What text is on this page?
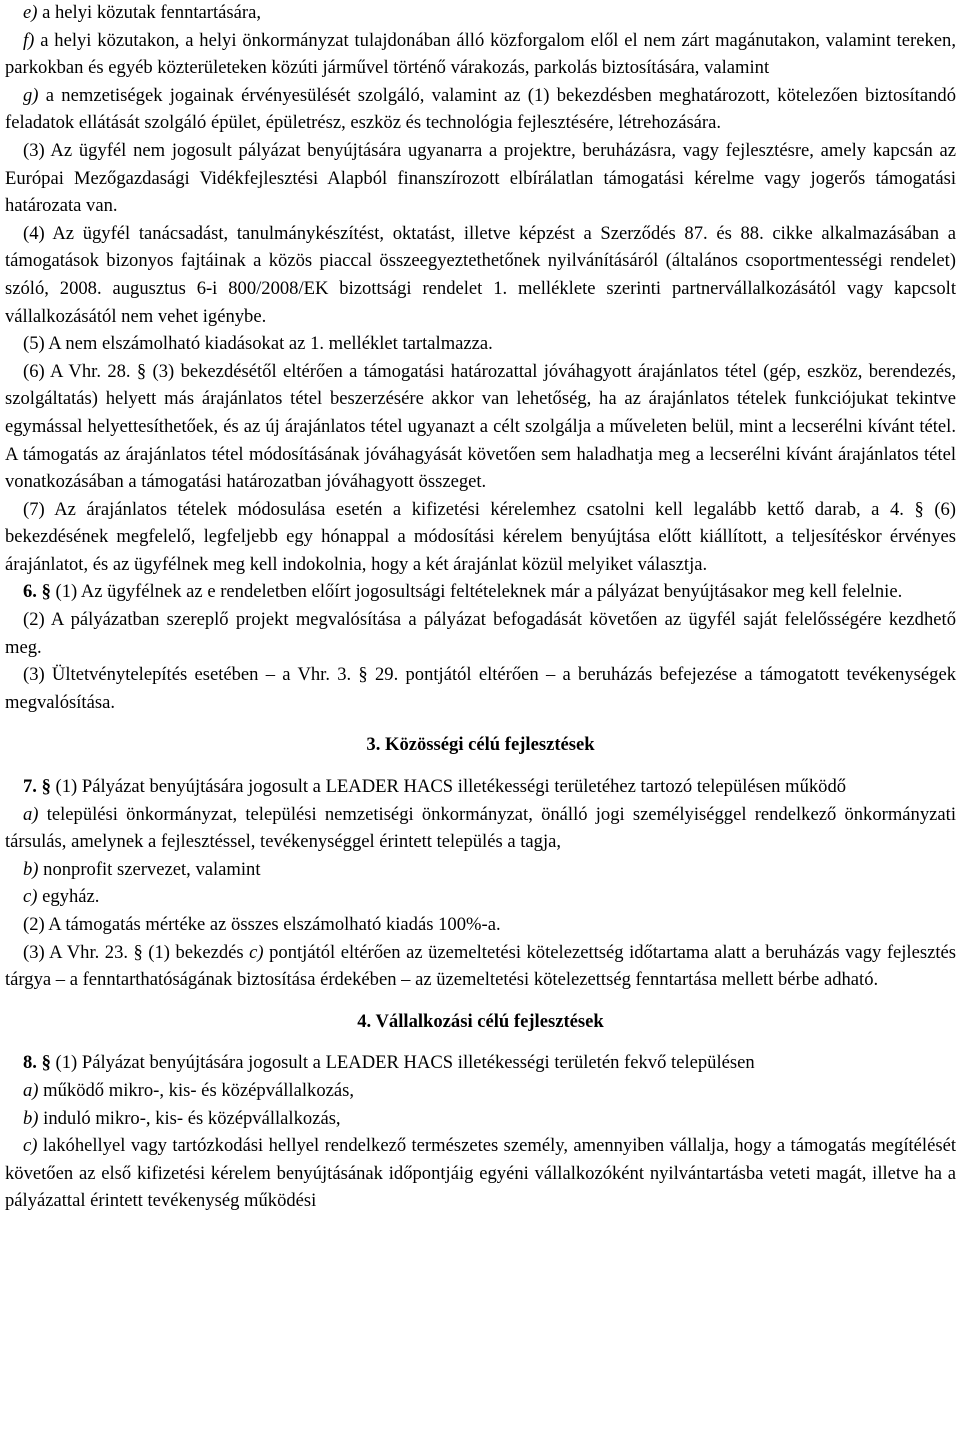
e) a helyi közutak fenntartására,

f) a helyi közutakon, a helyi önkormányzat tulajdonában álló közforgalom elől el nem zárt magánutakon, valamint tereken, parkokban és egyéb közterületeken közúti járművel történő várakozás, parkolás biztosítására, valamint

g) a nemzetiségek jogainak érvényesülését szolgáló, valamint az (1) bekezdésben meghatározott, kötelezően biztosítandó feladatok ellátását szolgáló épület, épületrész, eszköz és technológia fejlesztésére, létrehozására.

(3) Az ügyfél nem jogosult pályázat benyújtására ugyanarra a projektre, beruházásra, vagy fejlesztésre, amely kapcsán az Európai Mezőgazdasági Vidékfejlesztési Alapból finanszírozott elbírálatlan támogatási kérelme vagy jogerős támogatási határozata van.

(4) Az ügyfél tanácsadást, tanulmánykészítést, oktatást, illetve képzést a Szerződés 87. és 88. cikke alkalmazásában a támogatások bizonyos fajtáinak a közös piaccal összeegyeztethetőnek nyilvánításáról (általános csoportmentességi rendelet) szóló, 2008. augusztus 6-i 800/2008/EK bizottsági rendelet 1. melléklete szerinti partnervállalkozásától vagy kapcsolt vállalkozásától nem vehet igénybe.

(5) A nem elszámolható kiadásokat az 1. melléklet tartalmazza.

(6) A Vhr. 28. § (3) bekezdésétől eltérően a támogatási határozattal jóváhagyott árajánlatos tétel (gép, eszköz, berendezés, szolgáltatás) helyett más árajánlatos tétel beszerzésére akkor van lehetőség, ha az árajánlatos tételek funkciójukat tekintve egymással helyettesíthetőek, és az új árajánlatos tétel ugyanazt a célt szolgálja a műveleten belül, mint a lecserélni kívánt tétel. A támogatás az árajánlatos tétel módosításának jóváhagyását követően sem haladhatja meg a lecserélni kívánt árajánlatos tétel vonatkozásában a támogatási határozatban jóváhagyott összeget.

(7) Az árajánlatos tételek módosulása esetén a kifizetési kérelemhez csatolni kell legalább kettő darab, a 4. § (6) bekezdésének megfelelő, legfeljebb egy hónappal a módosítási kérelem benyújtása előtt kiállított, a teljesítéskor érvényes árajánlatot, és az ügyfélnek meg kell indokolnia, hogy a két árajánlat közül melyiket választja.

6. § (1) Az ügyfélnek az e rendeletben előírt jogosultsági feltételeknek már a pályázat benyújtásakor meg kell felelnie.

(2) A pályázatban szereplő projekt megvalósítása a pályázat befogadását követően az ügyfél saját felelősségére kezdhető meg.

(3) Ültetvénytelepítés esetében – a Vhr. 3. § 29. pontjától eltérően – a beruházás befejezése a támogatott tevékenységek megvalósítása.

3. Közösségi célú fejlesztések

7. § (1) Pályázat benyújtására jogosult a LEADER HACS illetékességi területéhez tartozó településen működő

a) települési önkormányzat, települési nemzetiségi önkormányzat, önálló jogi személyiséggel rendelkező önkormányzati társulás, amelynek a fejlesztéssel, tevékenységgel érintett település a tagja,

b) nonprofit szervezet, valamint

c) egyház.

(2) A támogatás mértéke az összes elszámolható kiadás 100%-a.

(3) A Vhr. 23. § (1) bekezdés c) pontjától eltérően az üzemeltetési kötelezettség időtartama alatt a beruházás vagy fejlesztés tárgya – a fenntarthatóságának biztosítása érdekében – az üzemeltetési kötelezettség fenntartása mellett bérbe adható.

4. Vállalkozási célú fejlesztések

8. § (1) Pályázat benyújtására jogosult a LEADER HACS illetékességi területén fekvő településen

a) működő mikro-, kis- és középvállalkozás,

b) induló mikro-, kis- és középvállalkozás,

c) lakóhellyel vagy tartózkodási hellyel rendelkező természetes személy, amennyiben vállalja, hogy a támogatás megítélését követően az első kifizetési kérelem benyújtásának időpontjáig egyéni vállalkozóként nyilvántartásba veteti magát, illetve ha a pályázattal érintett tevékenység működési
